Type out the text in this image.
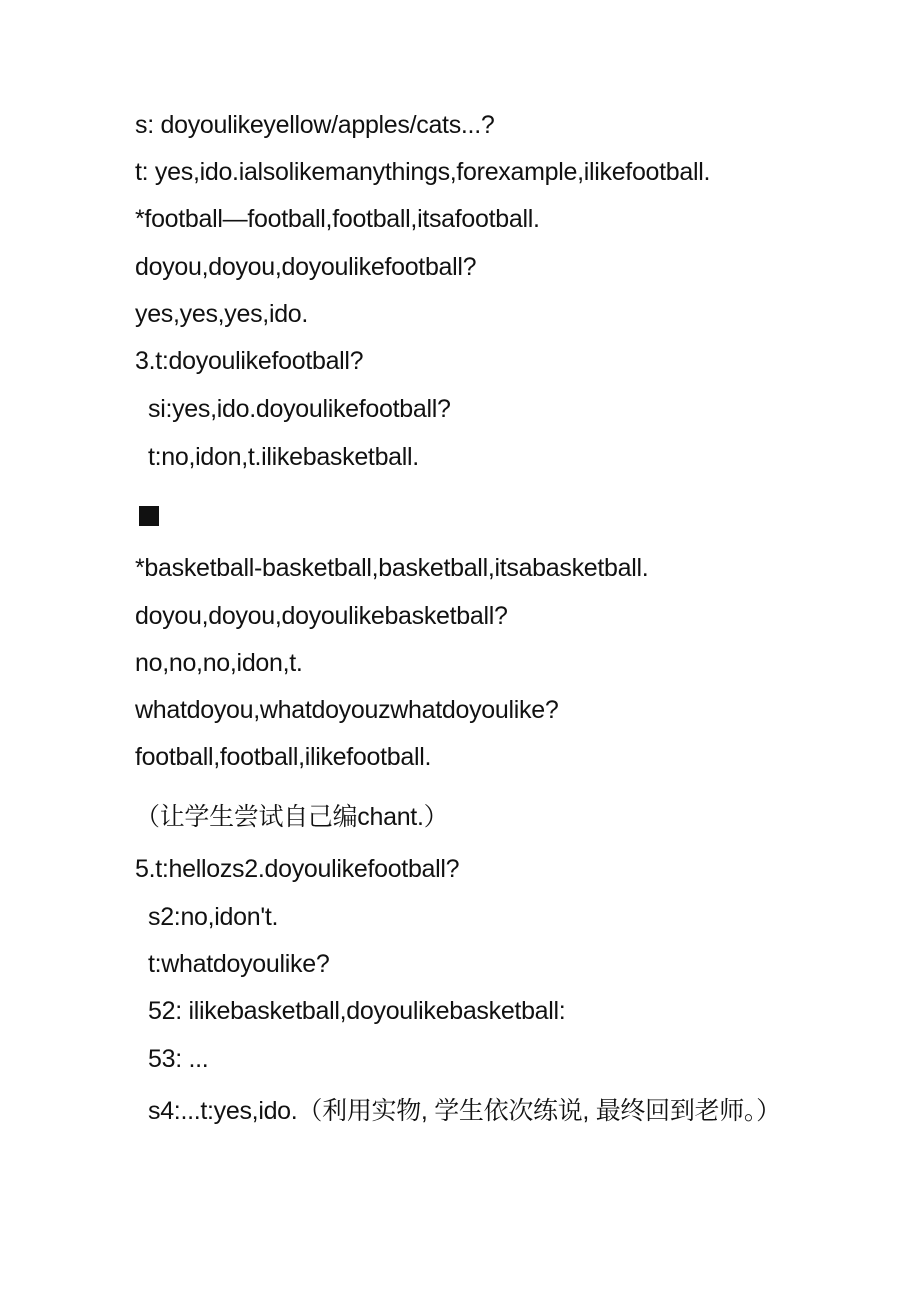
s: doyoulikeyellow/apples/cats...?
t: yes,ido.ialsolikemanythings,forexample,ilikefootball.
*football—football,football,itsafootball.
doyou,doyou,doyoulikefootball?
yes,yes,yes,ido.
3.t:doyoulikefootball?
si:yes,ido.doyoulikefootball?
t:no,idon,t.ilikebasketball.
*basketball-basketball,basketball,itsabasketball.
doyou,doyou,doyoulikebasketball?
no,no,no,idon,t.
whatdoyou,whatdoyouzwhatdoyoulike?
football,football,ilikefootball.
（让学生尝试自己编chant.）
5.t:hellozs2.doyoulikefootball?
s2:no,idon't.
t:whatdoyoulike?
52: ilikebasketball,doyoulikebasketball:
53: ...
s4:...t:yes,ido.（利用实物, 学生依次练说, 最终回到老师。）
